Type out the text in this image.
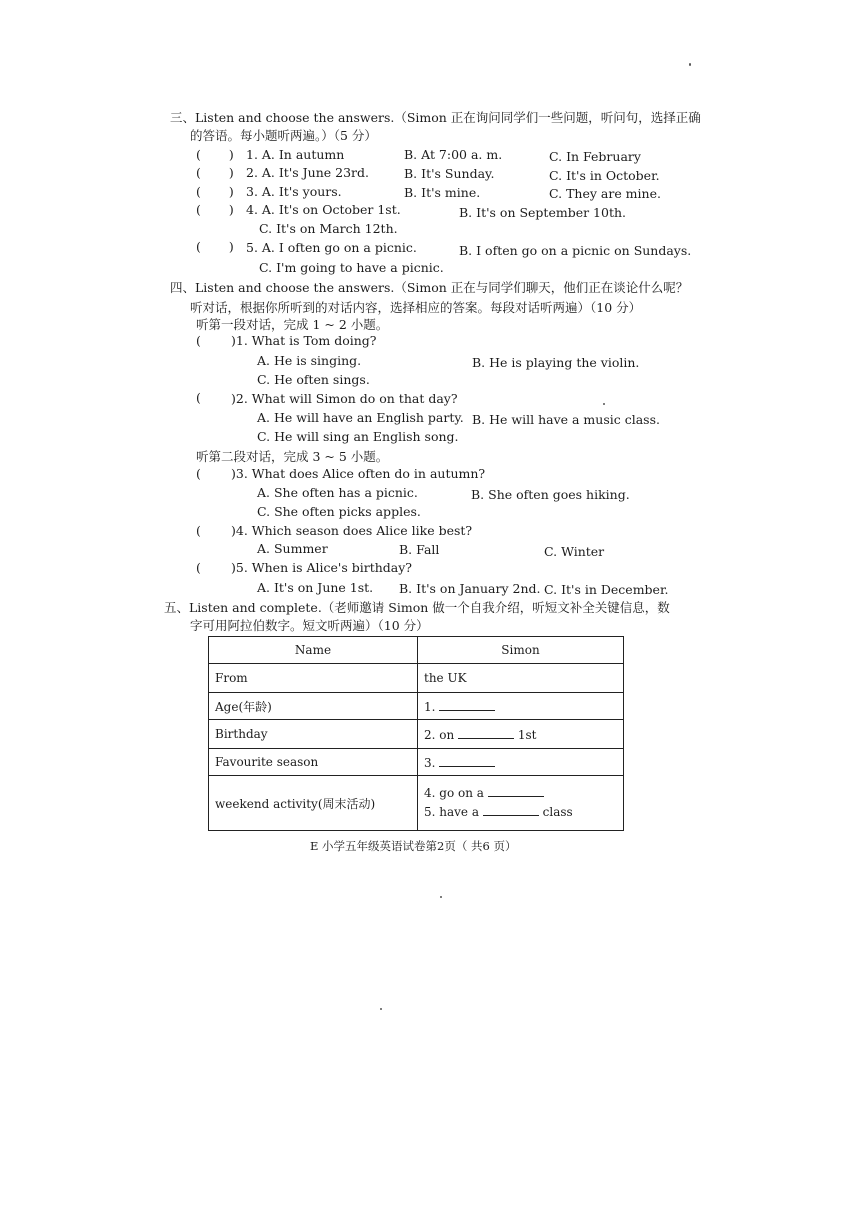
三、Listen and choose the answers.（Simon 正在询问同学们一些问题，听问句，选择正确
的答语。每小题听两遍。）（5 分）
( ) 1. A. In autumn	B. At 7:00 a. m.	C. In February
( ) 2. A. It's June 23rd.	B. It's Sunday.	C. It's in October.
( ) 3. A. It's yours.	B. It's mine.	C. They are mine.
( ) 4. A. It's on October 1st.	B. It's on September 10th.
C. It's on March 12th.
( ) 5. A. I often go on a picnic.	B. I often go on a picnic on Sundays.
C. I'm going to have a picnic.
四、Listen and choose the answers.（Simon 正在与同学们聊天，他们正在谈论什么呢？
听对话，根据你所听到的对话内容，选择相应的答案。每段对话听两遍）（10 分）
听第一段对话，完成 1 ~ 2 小题。
( )1. What is Tom doing?
A. He is singing.	B. He is playing the violin.
C. He often sings.
( )2. What will Simon do on that day?
A. He will have an English party. B. He will have a music class.
C. He will sing an English song.
听第二段对话，完成 3 ~ 5 小题。
( )3. What does Alice often do in autumn?
A. She often has a picnic.	B. She often goes hiking.
C. She often picks apples.
( )4. Which season does Alice like best?
A. Summer	B. Fall	C. Winter
( )5. When is Alice's birthday?
A. It's on June 1st. B. It's on January 2nd. C. It's in December.
五、Listen and complete.（老师邀请 Simon 做一个自我介绍，听短文补全关键信息，数
字可用阿拉伯数字。短文听两遍）（10 分）
Name	Simon
From	the UK
Age(年龄)	1.
Birthday	2. on 1st
Favourite season	3.
weekend activity(周末活动)	4. go on a
5. have a class
E 小学五年级英语试卷第2页（ 共6 页）
